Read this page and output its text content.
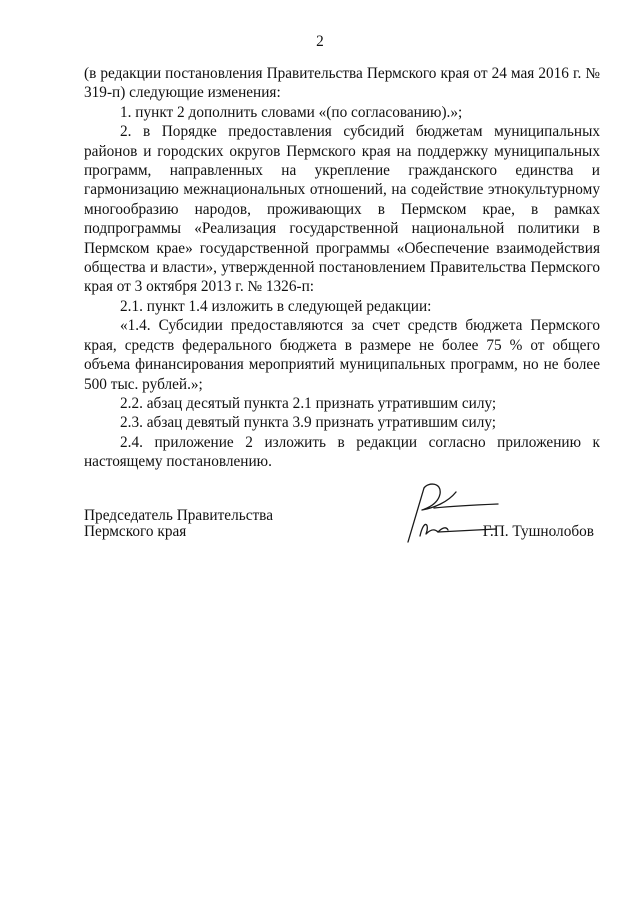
2

(в редакции постановления Правительства Пермского края от 24 мая 2016 г. № 319-п) следующие изменения:

1. пункт 2 дополнить словами «(по согласованию).»;

2. в Порядке предоставления субсидий бюджетам муниципальных районов и городских округов Пермского края на поддержку муниципальных программ, направленных на укрепление гражданского единства и гармонизацию межнациональных отношений, на содействие этнокультурному многообразию народов, проживающих в Пермском крае, в рамках подпрограммы «Реализация государственной национальной политики в Пермском крае» государственной программы «Обеспечение взаимодействия общества и власти», утвержденной постановлением Правительства Пермского края от 3 октября 2013 г. № 1326-п:

2.1. пункт 1.4 изложить в следующей редакции:

«1.4. Субсидии предоставляются за счет средств бюджета Пермского края, средств федерального бюджета в размере не более 75 % от общего объема финансирования мероприятий муниципальных программ, но не более 500 тыс. рублей.»;

2.2. абзац десятый пункта 2.1 признать утратившим силу;

2.3. абзац девятый пункта 3.9 признать утратившим силу;

2.4. приложение 2 изложить в редакции согласно приложению к настоящему постановлению.

Председатель Правительства
Пермского края	Г.П. Тушнолобов
